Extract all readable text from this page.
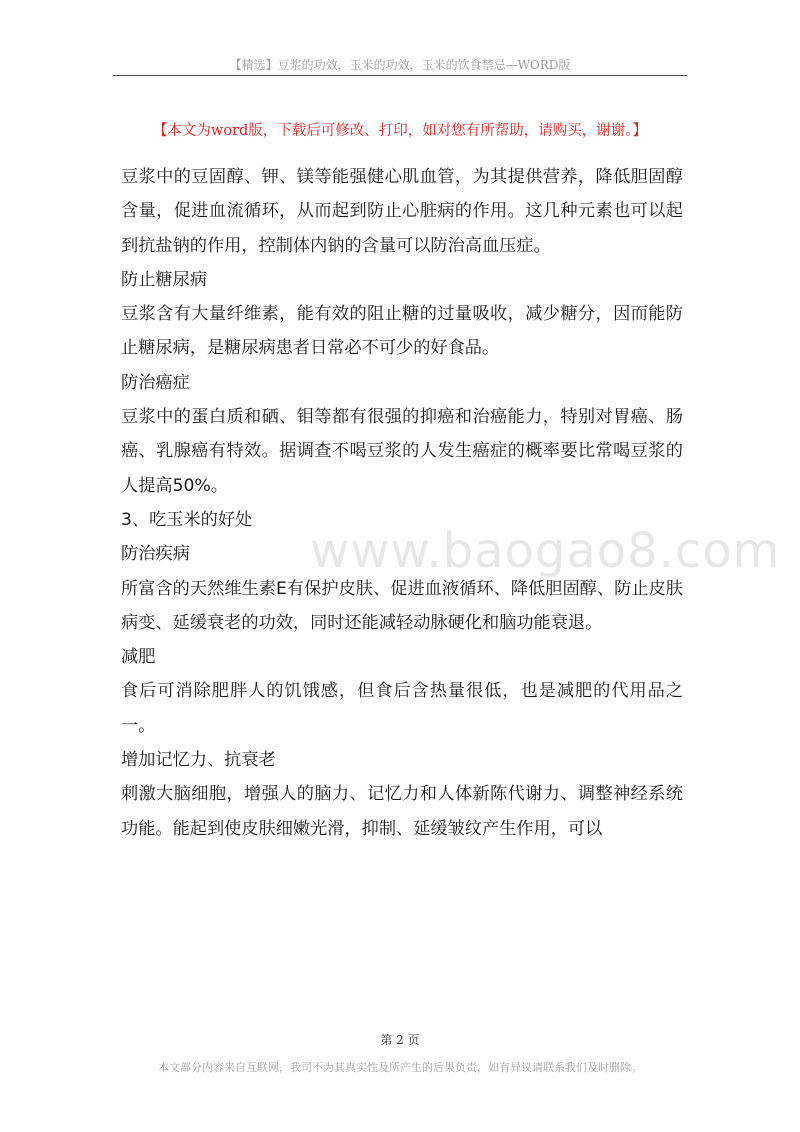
【精选】豆浆的功效，玉米的功效，玉米的饮食禁忌—WORD版
【本文为word版，下载后可修改、打印，如对您有所帮助，请购买，谢谢。】

豆浆中的豆固醇、钾、镁等能强健心肌血管，为其提供营养，降低胆固醇含量，促进血流循环，从而起到防止心脏病的作用。这几种元素也可以起到抗盐钠的作用，控制体内钠的含量可以防治高血压症。

防止糖尿病

豆浆含有大量纤维素，能有效的阻止糖的过量吸收，减少糖分，因而能防止糖尿病，是糖尿病患者日常必不可少的好食品。

防治癌症

豆浆中的蛋白质和硒、钼等都有很强的抑癌和治癌能力，特别对胃癌、肠癌、乳腺癌有特效。据调查不喝豆浆的人发生癌症的概率要比常喝豆浆的人提高50%。

3、吃玉米的好处

防治疾病

所富含的天然维生素E有保护皮肤、促进血液循环、降低胆固醇、防止皮肤病变、延缓衰老的功效，同时还能减轻动脉硬化和脑功能衰退。

减肥

食后可消除肥胖人的饥饿感，但食后含热量很低，也是减肥的代用品之一。

增加记忆力、抗衰老

刺激大脑细胞，增强人的脑力、记忆力和人体新陈代谢力、调整神经系统功能。能起到使皮肤细嫩光滑，抑制、延缓皱纹产生作用，可以

www.baogao8.com
第 2 页
本文部分内容来自互联网，我司不为其真实性及所产生的后果负责，如有异议请联系我们及时删除。
